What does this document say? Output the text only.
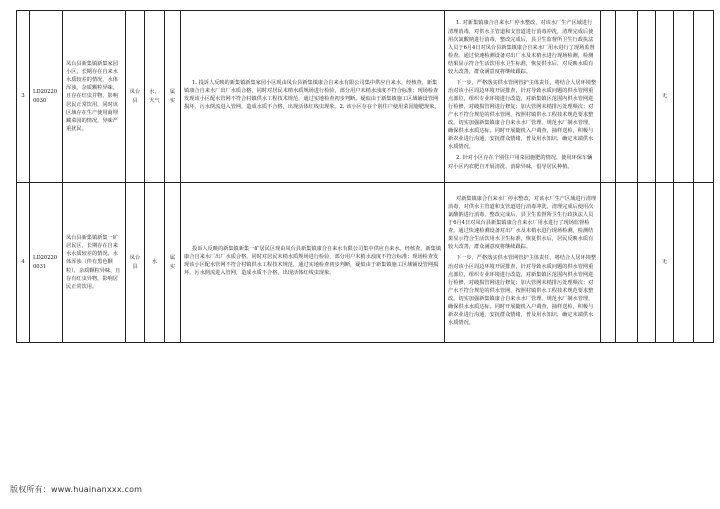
3	LD20220 0030	凤台县新集镇新集家园小区，长期存在自来水水质较差的情况，水体浑浊，杂质颗粒异味，且存在红虫并物，影响居民正常饮用，同时该区域存在生产使用商埋藏菜园的情况，异味严重扰民。	凤台县	水，大气	属实	1. 投诉人反映的新集镇新集家园小区现由凤台县新集镇康合自来水有限公司集中供应自来水。经核查，新集镇康合自来水厂出厂水质合格，同时对居民末梢水质规场进行检验，部分用户末梢水浊度不符合标准；现场检查发现该小区配水管网不符合村镇供水工程技术规范，通过实地检查初步判断，疑似由于新集镇施工区域铺设管网损坏，污水倒流进入管网，造成水质不合格，出现活体红线虫现象。2. 该小区存在个别住户使用菜园施肥现象。	1. 对新集镇康合自来水厂停水整改，对该水厂生产区域进行清理消毒，对供水主管道和支管道进行消毒冲洗，清理完成后使用次氯酸钠进行消毒，整改完成后，县卫生监督所卫生行政执法人员于6月4日对凤台县新集镇康合自来水厂用水进行了现场监督检查。通过快速检测设备对出厂水及末梢水进行现场检测，检测结果显示符合生活饮用水卫生标准，恢复供水后，对反映水质有较大改善，群众满意度将继续跟踪。

下一步，严格落实供水管网管护主体责任，将结合人居环境整治对该小区周边环境开展排查，针对导致水质问题的供水管网重点部位，组织专业环境进行改造，对新集镇区范围内供水管网进行检修，对破损管网进行修复；加大管网末梢排污处理频次；对产水不符合规范的供水管网，按照村镇供水工程技术规范要求整改。切实加强新集镇康合自来水水厂管理，规范水厂制水管理，确保供水水质达标，同时开展随机入户调查，抽样送检，积极与新农业进行沟通，安抚群众情绪，普及用水知识，确定末端供水水质情况。

2. 针对小区存在个别住户用菜园施肥的情况，使用环保车辆对小区内农肥自开展清洗、消除异味，倡导居民种植。				无		
4	LD20220 0031	凤台县新集镇新集一矿居民区，长期存在自来水水质较差的情况，水体浑浊（伴有黑色颗粒），杂质颗粒异味，且存有红虫异物，影响居民正常饮用。	凤台县	水	属实	投诉人反映的新集镇新集一矿居民区现由凤台县新集镇康合自来水有限公司集中供应自来水。经核查，新集镇康合自来水厂出厂水质合格，同时对居民末梢水质规场进行检验，部分用户末梢水浊度不符合标准；现场检查发现该小区配水管网不符合村镇供水工程技术规范，通过实地检查初步判断，疑似由于新集镇施工区域铺设管网损坏，污水倒流进入管网，造成水质不合格，出现活体红线虫现象。	对新集镇康合自来水厂停水整改，对该水厂生产区域进行清理消毒，对供水主管道和支管道进行消毒冲洗，清理完成后使用次氯酸钠进行消毒，整改完成后，县卫生监督所卫生行政执法人员于6月4日对凤台县新集镇康合自来水厂用水进行了现场监督检查。通过快速检测设备对出厂水及末梢水进行现场检测，检测结果显示符合生活饮用水卫生标准，恢复供水后，居民反映水质有较大改善，群众满意度将继续跟踪。

下一步，严格落实供水管网管护主体责任，将结合人居环境整治对该小区周边环境开展排查，针对导致水质问题的供水管网重点部位，组织专业环境进行改造，对新集镇区范围内供水管网进行检修，对破损管网进行修复；加大管网末梢排污处理频次；对产水不符合规范的供水管网，按照村镇供水工程技术规范要求整改。切实加强新集镇康合自来水水厂管理，规范水厂制水管理，确保供水水质达标，同时开展随机入户调查，抽样送检，积极与新农业进行沟通，安抚群众情绪，普及用水知识，确定末端供水水质情况。				无		
版权所有：www.huainanxxx.com
